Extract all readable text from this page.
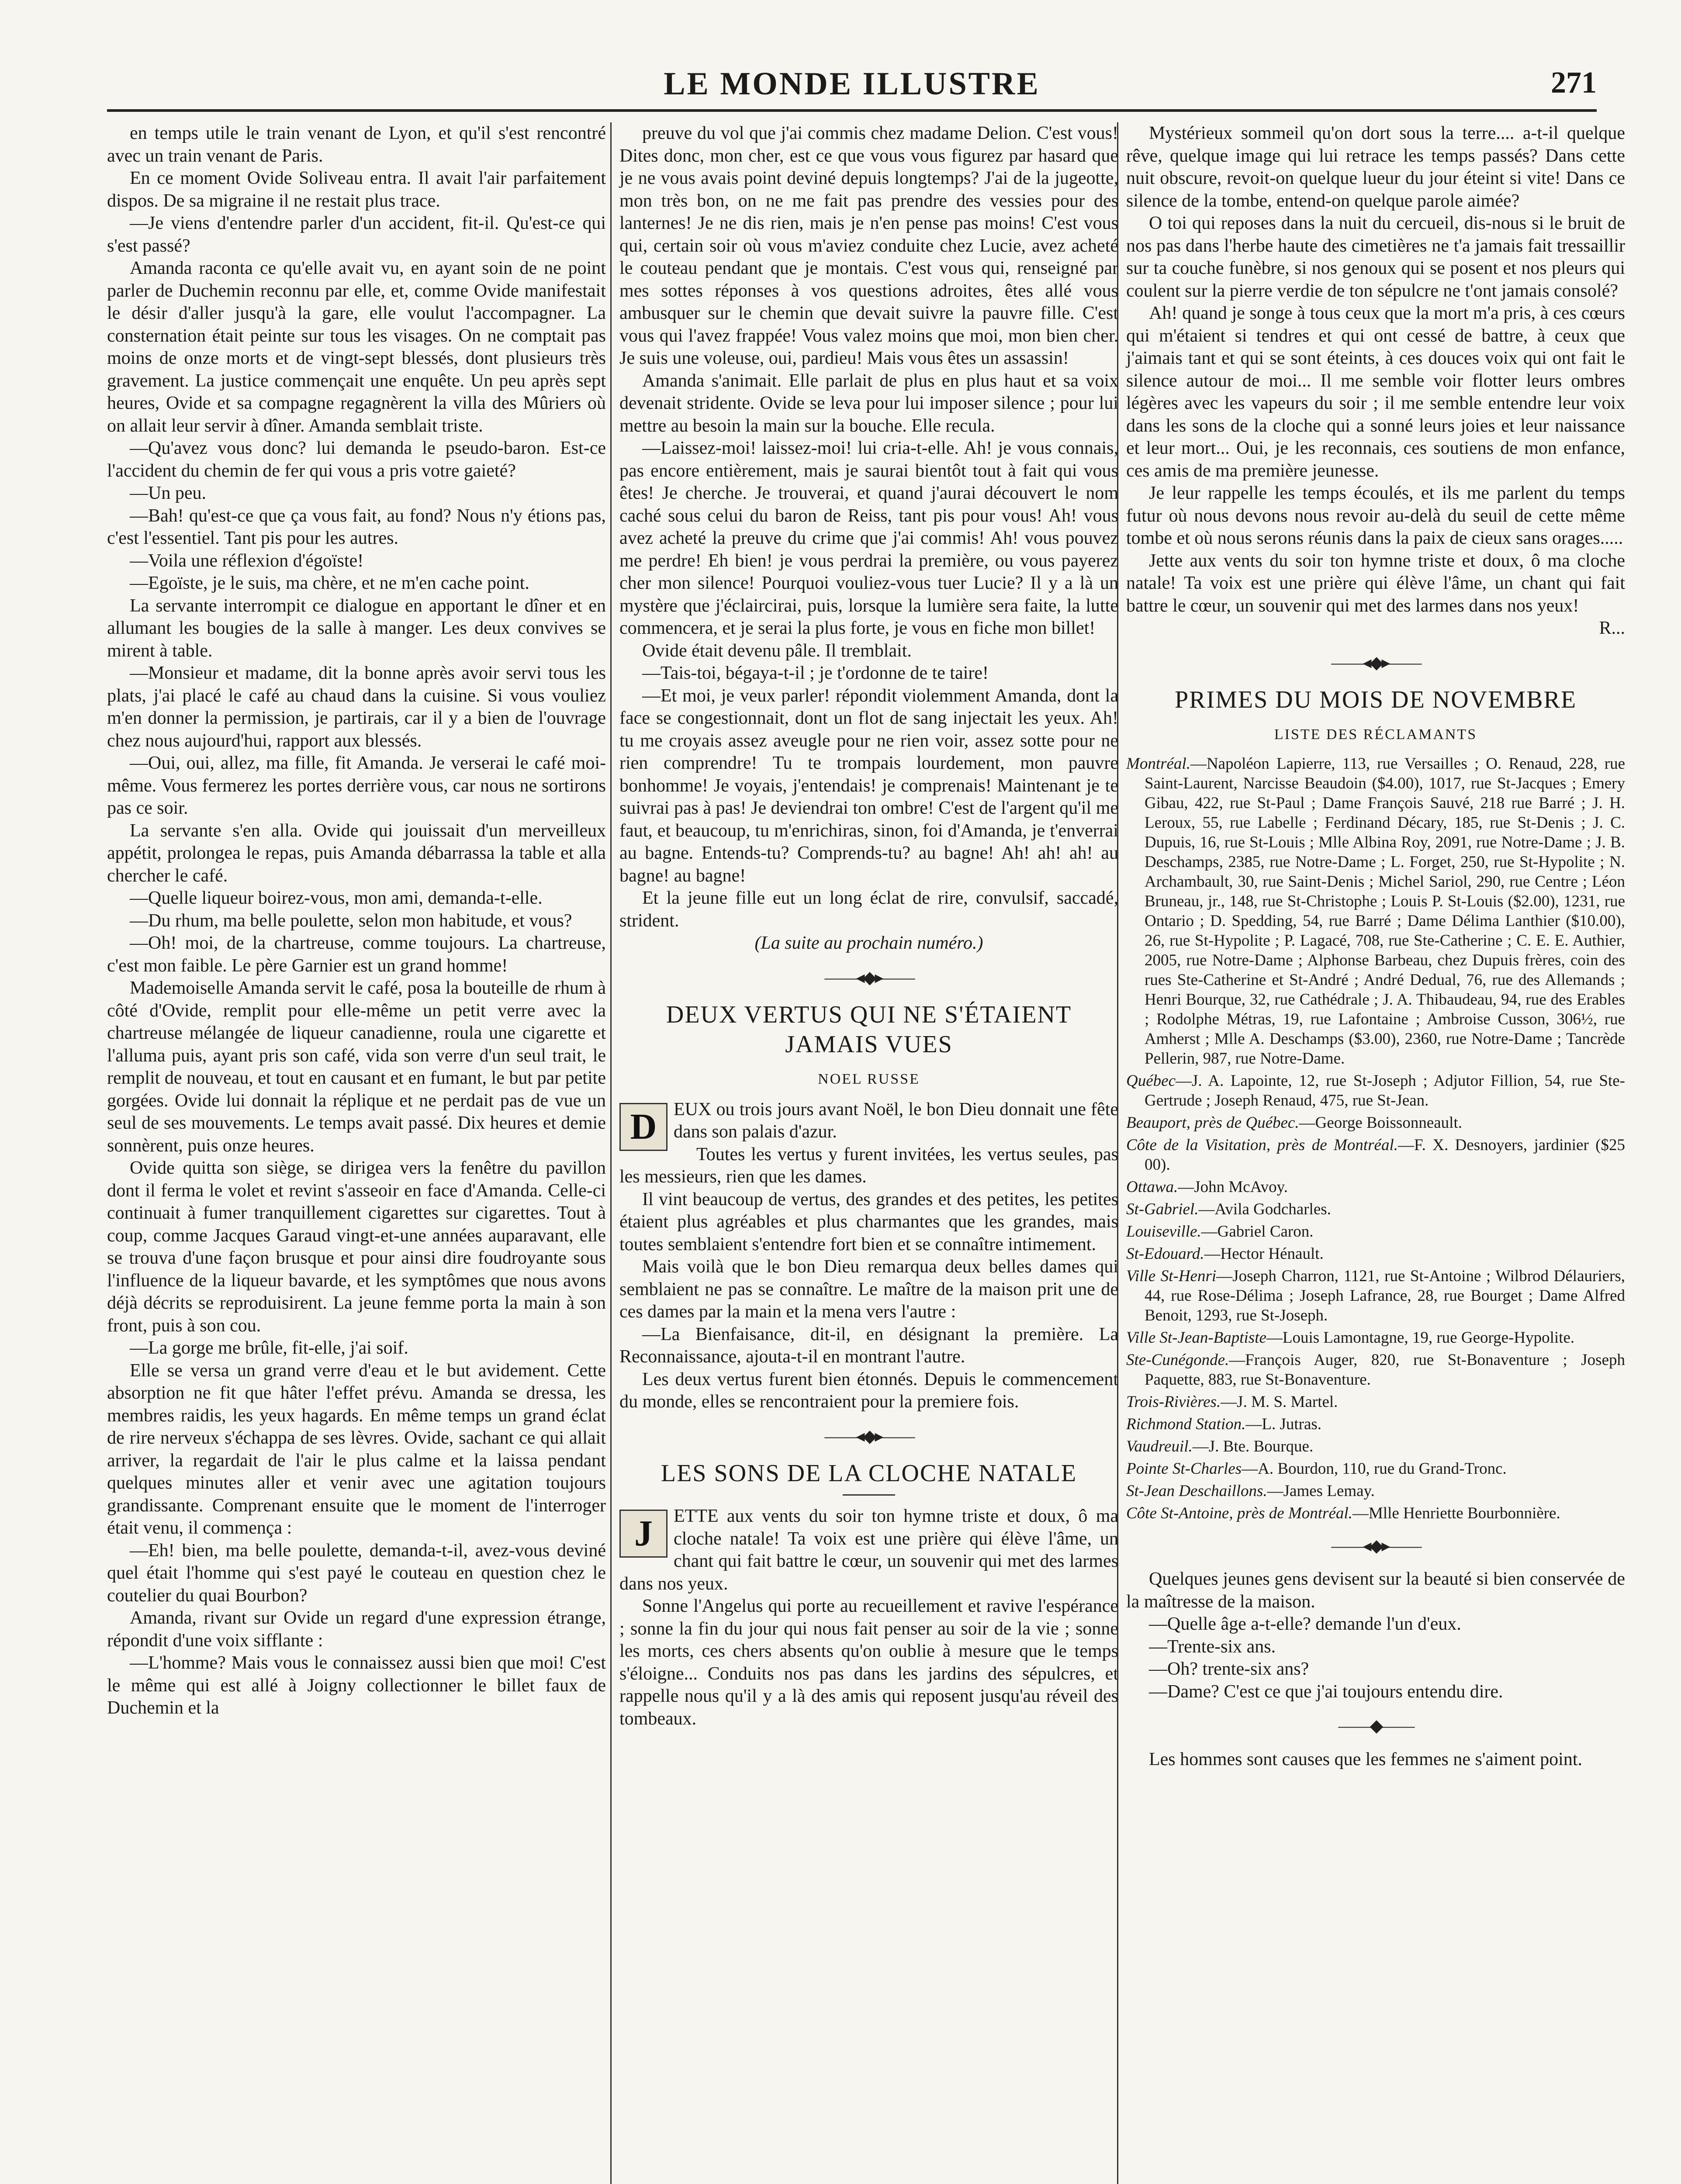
LE MONDE ILLUSTRE	271

en temps utile le train venant de Lyon, et qu'il s'est rencontré avec un train venant de Paris.

En ce moment Ovide Soliveau entra. Il avait l'air parfaitement dispos. De sa migraine il ne restait plus trace.

—Je viens d'entendre parler d'un accident, fit-il. Qu'est-ce qui s'est passé?

Amanda raconta ce qu'elle avait vu, en ayant soin de ne point parler de Duchemin reconnu par elle, et, comme Ovide manifestait le désir d'aller jusqu'à la gare, elle voulut l'accompagner. La consternation était peinte sur tous les visages. On ne comptait pas moins de onze morts et de vingt-sept blessés, dont plusieurs très gravement. La justice commençait une enquête. Un peu après sept heures, Ovide et sa compagne regagnèrent la villa des Mûriers où on allait leur servir à dîner. Amanda semblait triste.

—Qu'avez vous donc? lui demanda le pseudo-baron. Est-ce l'accident du chemin de fer qui vous a pris votre gaieté?

—Un peu.

—Bah! qu'est-ce que ça vous fait, au fond? Nous n'y étions pas, c'est l'essentiel. Tant pis pour les autres.

—Voila une réflexion d'égoïste!

—Egoïste, je le suis, ma chère, et ne m'en cache point.

La servante interrompit ce dialogue en apportant le dîner et en allumant les bougies de la salle à manger. Les deux convives se mirent à table.

—Monsieur et madame, dit la bonne après avoir servi tous les plats, j'ai placé le café au chaud dans la cuisine. Si vous vouliez m'en donner la permission, je partirais, car il y a bien de l'ouvrage chez nous aujourd'hui, rapport aux blessés.

—Oui, oui, allez, ma fille, fit Amanda. Je verserai le café moi-même. Vous fermerez les portes derrière vous, car nous ne sortirons pas ce soir.

La servante s'en alla. Ovide qui jouissait d'un merveilleux appétit, prolongea le repas, puis Amanda débarrassa la table et alla chercher le café.

—Quelle liqueur boirez-vous, mon ami, demanda-t-elle.

—Du rhum, ma belle poulette, selon mon habitude, et vous?

—Oh! moi, de la chartreuse, comme toujours. La chartreuse, c'est mon faible. Le père Garnier est un grand homme!

Mademoiselle Amanda servit le café, posa la bouteille de rhum à côté d'Ovide, remplit pour elle-même un petit verre avec la chartreuse mélangée de liqueur canadienne, roula une cigarette et l'alluma puis, ayant pris son café, vida son verre d'un seul trait, le remplit de nouveau, et tout en causant et en fumant, le but par petite gorgées. Ovide lui donnait la réplique et ne perdait pas de vue un seul de ses mouvements. Le temps avait passé. Dix heures et demie sonnèrent, puis onze heures.

Ovide quitta son siège, se dirigea vers la fenêtre du pavillon dont il ferma le volet et revint s'asseoir en face d'Amanda. Celle-ci continuait à fumer tranquillement cigarettes sur cigarettes. Tout à coup, comme Jacques Garaud vingt-et-une années auparavant, elle se trouva d'une façon brusque et pour ainsi dire foudroyante sous l'influence de la liqueur bavarde, et les symptômes que nous avons déjà décrits se reproduisirent. La jeune femme porta la main à son front, puis à son cou.

—La gorge me brûle, fit-elle, j'ai soif.

Elle se versa un grand verre d'eau et le but avidement. Cette absorption ne fit que hâter l'effet prévu. Amanda se dressa, les membres raidis, les yeux hagards. En même temps un grand éclat de rire nerveux s'échappa de ses lèvres. Ovide, sachant ce qui allait arriver, la regardait de l'air le plus calme et la laissa pendant quelques minutes aller et venir avec une agitation toujours grandissante. Comprenant ensuite que le moment de l'interroger était venu, il commença :

—Eh! bien, ma belle poulette, demanda-t-il, avez-vous deviné quel était l'homme qui s'est payé le couteau en question chez le coutelier du quai Bourbon?

Amanda, rivant sur Ovide un regard d'une expression étrange, répondit d'une voix sifflante :

—L'homme? Mais vous le connaissez aussi bien que moi! C'est le même qui est allé à Joigny collectionner le billet faux de Duchemin et la

preuve du vol que j'ai commis chez madame Delion. C'est vous! Dites donc, mon cher, est ce que vous vous figurez par hasard que je ne vous avais point deviné depuis longtemps? J'ai de la jugeotte, mon très bon, on ne me fait pas prendre des vessies pour des lanternes! Je ne dis rien, mais je n'en pense pas moins! C'est vous qui, certain soir où vous m'aviez conduite chez Lucie, avez acheté le couteau pendant que je montais. C'est vous qui, renseigné par mes sottes réponses à vos questions adroites, êtes allé vous ambusquer sur le chemin que devait suivre la pauvre fille. C'est vous qui l'avez frappée! Vous valez moins que moi, mon bien cher. Je suis une voleuse, oui, pardieu! Mais vous êtes un assassin!

Amanda s'animait. Elle parlait de plus en plus haut et sa voix devenait stridente. Ovide se leva pour lui imposer silence ; pour lui mettre au besoin la main sur la bouche. Elle recula.

—Laissez-moi! laissez-moi! lui cria-t-elle. Ah! je vous connais, pas encore entièrement, mais je saurai bientôt tout à fait qui vous êtes! Je cherche. Je trouverai, et quand j'aurai découvert le nom caché sous celui du baron de Reiss, tant pis pour vous! Ah! vous avez acheté la preuve du crime que j'ai commis! Ah! vous pouvez me perdre! Eh bien! je vous perdrai la première, ou vous payerez cher mon silence! Pourquoi vouliez-vous tuer Lucie? Il y a là un mystère que j'éclaircirai, puis, lorsque la lumière sera faite, la lutte commencera, et je serai la plus forte, je vous en fiche mon billet!

Ovide était devenu pâle. Il tremblait.

—Tais-toi, bégaya-t-il ; je t'ordonne de te taire!

—Et moi, je veux parler! répondit violemment Amanda, dont la face se congestionnait, dont un flot de sang injectait les yeux. Ah! tu me croyais assez aveugle pour ne rien voir, assez sotte pour ne rien comprendre! Tu te trompais lourdement, mon pauvre bonhomme! Je voyais, j'entendais! je comprenais! Maintenant je te suivrai pas à pas! Je deviendrai ton ombre! C'est de l'argent qu'il me faut, et beaucoup, tu m'enrichiras, sinon, foi d'Amanda, je t'enverrai au bagne. Entends-tu? Comprends-tu? au bagne! Ah! ah! ah! au bagne! au bagne!

Et la jeune fille eut un long éclat de rire, convulsif, saccadé, strident.

(La suite au prochain numéro.)

——◂◆▸——
DEUX VERTUS QUI NE S'ÉTAIENT JAMAIS VUES
NOEL RUSSE

D EUX ou trois jours avant Noël, le bon Dieu donnait une fête dans son palais d'azur.

Toutes les vertus y furent invitées, les vertus seules, pas les messieurs, rien que les dames.

Il vint beaucoup de vertus, des grandes et des petites, les petites étaient plus agréables et plus charmantes que les grandes, mais toutes semblaient s'entendre fort bien et se connaître intimement.

Mais voilà que le bon Dieu remarqua deux belles dames qui semblaient ne pas se connaître. Le maître de la maison prit une de ces dames par la main et la mena vers l'autre :

—La Bienfaisance, dit-il, en désignant la première. La Reconnaissance, ajouta-t-il en montrant l'autre.

Les deux vertus furent bien étonnés. Depuis le commencement du monde, elles se rencontraient pour la premiere fois.

——◂◆▸——
LES SONS DE LA CLOCHE NATALE

J	ETTE aux vents du soir ton hymne triste et doux, ô ma cloche natale! Ta voix est une prière qui élève l'âme, un chant qui fait battre le cœur, un souvenir qui met des larmes dans nos yeux.

Sonne l'Angelus qui porte au recueillement et ravive l'espérance ; sonne la fin du jour qui nous fait penser au soir de la vie ; sonne les morts, ces chers absents qu'on oublie à mesure que le temps s'éloigne... Conduits nos pas dans les jardins des sépulcres, et rappelle nous qu'il y a là des amis qui reposent jusqu'au réveil des tombeaux.

Mystérieux sommeil qu'on dort sous la terre.... a-t-il quelque rêve, quelque image qui lui retrace les temps passés? Dans cette nuit obscure, revoit-on quelque lueur du jour éteint si vite! Dans ce silence de la tombe, entend-on quelque parole aimée?

O toi qui reposes dans la nuit du cercueil, dis-nous si le bruit de nos pas dans l'herbe haute des cimetières ne t'a jamais fait tressaillir sur ta couche funèbre, si nos genoux qui se posent et nos pleurs qui coulent sur la pierre verdie de ton sépulcre ne t'ont jamais consolé?

Ah! quand je songe à tous ceux que la mort m'a pris, à ces cœurs qui m'étaient si tendres et qui ont cessé de battre, à ceux que j'aimais tant et qui se sont éteints, à ces douces voix qui ont fait le silence autour de moi... Il me semble voir flotter leurs ombres légères avec les vapeurs du soir ; il me semble entendre leur voix dans les sons de la cloche qui a sonné leurs joies et leur naissance et leur mort... Oui, je les reconnais, ces soutiens de mon enfance, ces amis de ma première jeunesse.

Je leur rappelle les temps écoulés, et ils me parlent du temps futur où nous devons nous revoir au-delà du seuil de cette même tombe et où nous serons réunis dans la paix de cieux sans orages.....

Jette aux vents du soir ton hymne triste et doux, ô ma cloche natale! Ta voix est une prière qui élève l'âme, un chant qui fait battre le cœur, un souvenir qui met des larmes dans nos yeux!

R...

——◂◆▸——
PRIMES DU MOIS DE NOVEMBRE
LISTE DES RÉCLAMANTS
Montréal.—Napoléon Lapierre, 113, rue Versailles ; O. Renaud, 228, rue Saint-Laurent, Narcisse Beaudoin ($4.00), 1017, rue St-Jacques ; Emery Gibau, 422, rue St-Paul ; Dame François Sauvé, 218 rue Barré ; J. H. Leroux, 55, rue Labelle ; Ferdinand Décary, 185, rue St-Denis ; J. C. Dupuis, 16, rue St-Louis ; Mlle Albina Roy, 2091, rue Notre-Dame ; J. B. Deschamps, 2385, rue Notre-Dame ; L. Forget, 250, rue St-Hypolite ; N. Archambault, 30, rue Saint-Denis ; Michel Sariol, 290, rue Centre ; Léon Bruneau, jr., 148, rue St-Christophe ; Louis P. St-Louis ($2.00), 1231, rue Ontario ; D. Spedding, 54, rue Barré ; Dame Délima Lanthier ($10.00), 26, rue St-Hypolite ; P. Lagacé, 708, rue Ste-Catherine ; C. E. E. Authier, 2005, rue Notre-Dame ; Alphonse Barbeau, chez Dupuis frères, coin des rues Ste-Catherine et St-André ; André Dedual, 76, rue des Allemands ; Henri Bourque, 32, rue Cathédrale ; J. A. Thibaudeau, 94, rue des Erables ; Rodolphe Métras, 19, rue Lafontaine ; Ambroise Cusson, 306½, rue Amherst ; Mlle A. Deschamps ($3.00), 2360, rue Notre-Dame ; Tancrède Pellerin, 987, rue Notre-Dame.
Québec—J. A. Lapointe, 12, rue St-Joseph ; Adjutor Fillion, 54, rue Ste-Gertrude ; Joseph Renaud, 475, rue St-Jean.
Beauport, près de Québec.—George Boissonneault.
Côte de la Visitation, près de Montréal.—F. X. Desnoyers, jardinier ($25 00).
Ottawa.—John McAvoy.
St-Gabriel.—Avila Godcharles.
Louiseville.—Gabriel Caron.
St-Edouard.—Hector Hénault.
Ville St-Henri—Joseph Charron, 1121, rue St-Antoine ; Wilbrod Délauriers, 44, rue Rose-Délima ; Joseph Lafrance, 28, rue Bourget ; Dame Alfred Benoit, 1293, rue St-Joseph.
Ville St-Jean-Baptiste—Louis Lamontagne, 19, rue George-Hypolite.
Ste-Cunégonde.—François Auger, 820, rue St-Bonaventure ; Joseph Paquette, 883, rue St-Bonaventure.
Trois-Rivières.—J. M. S. Martel.
Richmond Station.—L. Jutras.
Vaudreuil.—J. Bte. Bourque.
Pointe St-Charles—A. Bourdon, 110, rue du Grand-Tronc.
St-Jean Deschaillons.—James Lemay.
Côte St-Antoine, près de Montréal.—Mlle Henriette Bourbonnière.
——◂◆▸——

Quelques jeunes gens devisent sur la beauté si bien conservée de la maîtresse de la maison.

—Quelle âge a-t-elle? demande l'un d'eux.

—Trente-six ans.

—Oh? trente-six ans?

—Dame? C'est ce que j'ai toujours entendu dire.

——◆——

Les hommes sont causes que les femmes ne s'aiment point.
